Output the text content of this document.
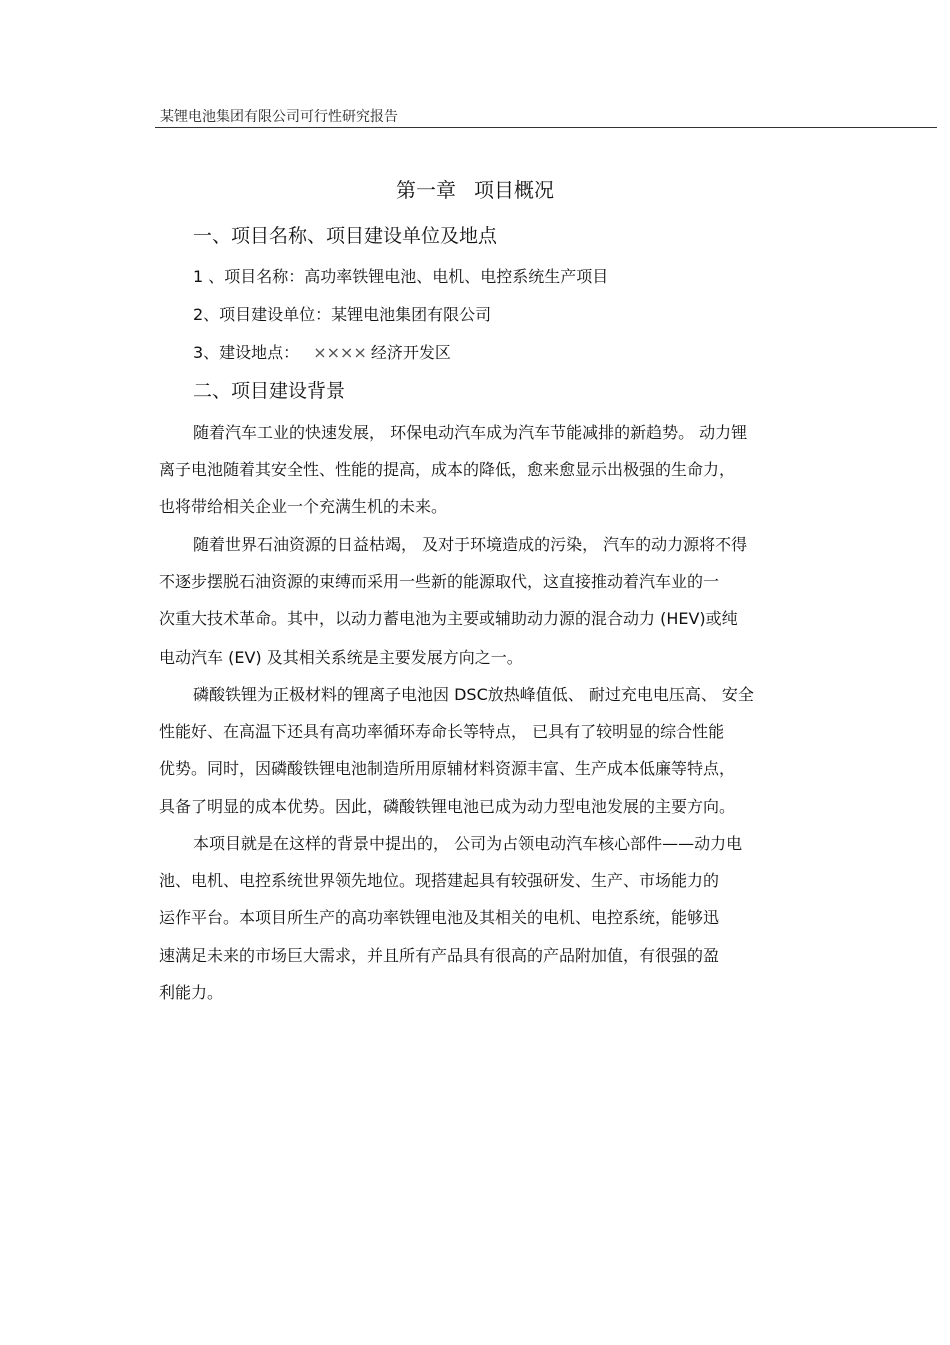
某锂电池集团有限公司可行性研究报告
第一章 项目概况
一、项目名称、项目建设单位及地点
1 、项目名称：高功率铁锂电池、电机、电控系统生产项目
2、项目建设单位：某锂电池集团有限公司
3、建设地点： ×××× 经济开发区
二、项目建设背景
随着汽车工业的快速发展， 环保电动汽车成为汽车节能减排的新趋势。 动力锂
离子电池随着其安全性、性能的提高，成本的降低，愈来愈显示出极强的生命力，
也将带给相关企业一个充满生机的未来。
随着世界石油资源的日益枯竭， 及对于环境造成的污染， 汽车的动力源将不得
不逐步摆脱石油资源的束缚而采用一些新的能源取代，这直接推动着汽车业的一
次重大技术革命。其中，以动力蓄电池为主要或辅助动力源的混合动力 (HEV)或纯
电动汽车 (EV) 及其相关系统是主要发展方向之一。
磷酸铁锂为正极材料的锂离子电池因 DSC放热峰值低、 耐过充电电压高、 安全
性能好、在高温下还具有高功率循环寿命长等特点， 已具有了较明显的综合性能
优势。同时，因磷酸铁锂电池制造所用原辅材料资源丰富、生产成本低廉等特点，
具备了明显的成本优势。因此，磷酸铁锂电池已成为动力型电池发展的主要方向。
本项目就是在这样的背景中提出的， 公司为占领电动汽车核心部件——动力电
池、电机、电控系统世界领先地位。现搭建起具有较强研发、生产、市场能力的
运作平台。本项目所生产的高功率铁锂电池及其相关的电机、电控系统，能够迅
速满足未来的市场巨大需求，并且所有产品具有很高的产品附加值，有很强的盈
利能力。
